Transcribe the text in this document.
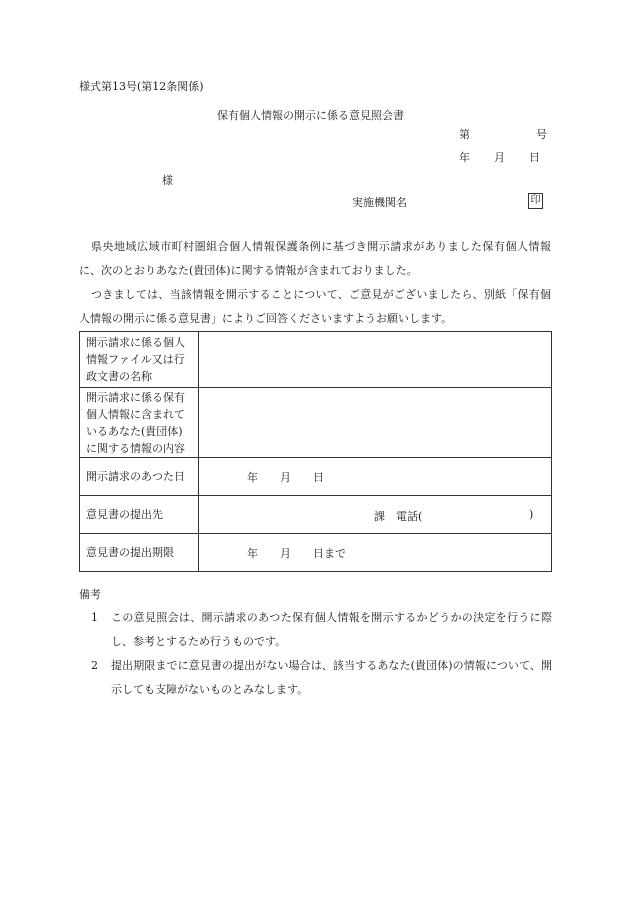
様式第13号(第12条関係)
保有個人情報の開示に係る意見照会書
第	号
年 月 日
様
実施機関名	印

県央地域広域市町村圏組合個人情報保護条例に基づき開示請求がありました保有個人情報に、次のとおりあなた(貴団体)に関する情報が含まれておりました。

つきましては、当該情報を開示することについて、ご意見がございましたら、別紙「保有個人情報の開示に係る意見書」によりご回答くださいますようお願いします。

開示請求に係る個人情報ファイル又は行政文書の名称	
開示請求に係る保有個人情報に含まれているあなた(貴団体)に関する情報の内容	
開示請求のあつた日	年　　月　　日
意見書の提出先	課　電話( )

意見書の提出期限	年　　月　　日まで
備考
1 この意見照会は、開示請求のあつた保有個人情報を開示するかどうかの決定を行うに際し、参考とするため行うものです。
2 提出期限までに意見書の提出がない場合は、該当するあなた(貴団体)の情報について、開示しても支障がないものとみなします。
